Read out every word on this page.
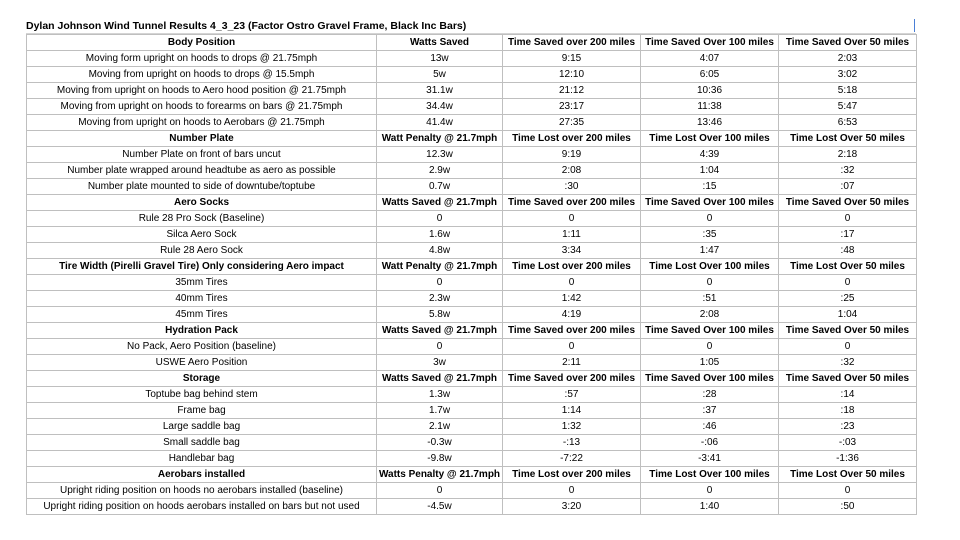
Dylan Johnson Wind Tunnel Results 4_3_23 (Factor Ostro Gravel Frame, Black Inc Bars)
Body Position	Watts Saved	Time Saved over 200 miles	Time Saved Over 100 miles	Time Saved Over 50 miles
Moving form upright on hoods to drops @ 21.75mph	13w	9:15	4:07	2:03
Moving from upright on hoods to drops @ 15.5mph	5w	12:10	6:05	3:02
Moving from upright on hoods to Aero hood position @ 21.75mph	31.1w	21:12	10:36	5:18
Moving from upright on hoods to forearms on bars @ 21.75mph	34.4w	23:17	11:38	5:47
Moving from upright on hoods to Aerobars @ 21.75mph	41.4w	27:35	13:46	6:53
Number Plate	Watt Penalty @ 21.7mph	Time Lost over 200 miles	Time Lost Over 100 miles	Time Lost Over 50 miles
Number Plate on front of bars uncut	12.3w	9:19	4:39	2:18
Number plate wrapped around headtube as aero as possible	2.9w	2:08	1:04	:32
Number plate mounted to side of downtube/toptube	0.7w	:30	:15	:07
Aero Socks	Watts Saved @ 21.7mph	Time Saved over 200 miles	Time Saved Over 100 miles	Time Saved Over 50 miles
Rule 28 Pro Sock (Baseline)	0	0	0	0
Silca Aero Sock	1.6w	1:11	:35	:17
Rule 28 Aero Sock	4.8w	3:34	1:47	:48
Tire Width (Pirelli Gravel Tire) Only considering Aero impact	Watt Penalty @ 21.7mph	Time Lost over 200 miles	Time Lost Over 100 miles	Time Lost Over 50 miles
35mm Tires	0	0	0	0
40mm Tires	2.3w	1:42	:51	:25
45mm Tires	5.8w	4:19	2:08	1:04
Hydration Pack	Watts Saved @ 21.7mph	Time Saved over 200 miles	Time Saved Over 100 miles	Time Saved Over 50 miles
No Pack, Aero Position (baseline)	0	0	0	0
USWE Aero Position	3w	2:11	1:05	:32
Storage	Watts Saved @ 21.7mph	Time Saved over 200 miles	Time Saved Over 100 miles	Time Saved Over 50 miles
Toptube bag behind stem	1.3w	:57	:28	:14
Frame bag	1.7w	1:14	:37	:18
Large saddle bag	2.1w	1:32	:46	:23
Small saddle bag	-0.3w	-:13	-:06	-:03
Handlebar bag	-9.8w	-7:22	-3:41	-1:36
Aerobars installed	Watts Penalty @ 21.7mph	Time Lost over 200 miles	Time Lost Over 100 miles	Time Lost Over 50 miles
Upright riding position on hoods no aerobars installed (baseline)	0	0	0	0
Upright riding position on hoods aerobars installed on bars but not used	-4.5w	3:20	1:40	:50
